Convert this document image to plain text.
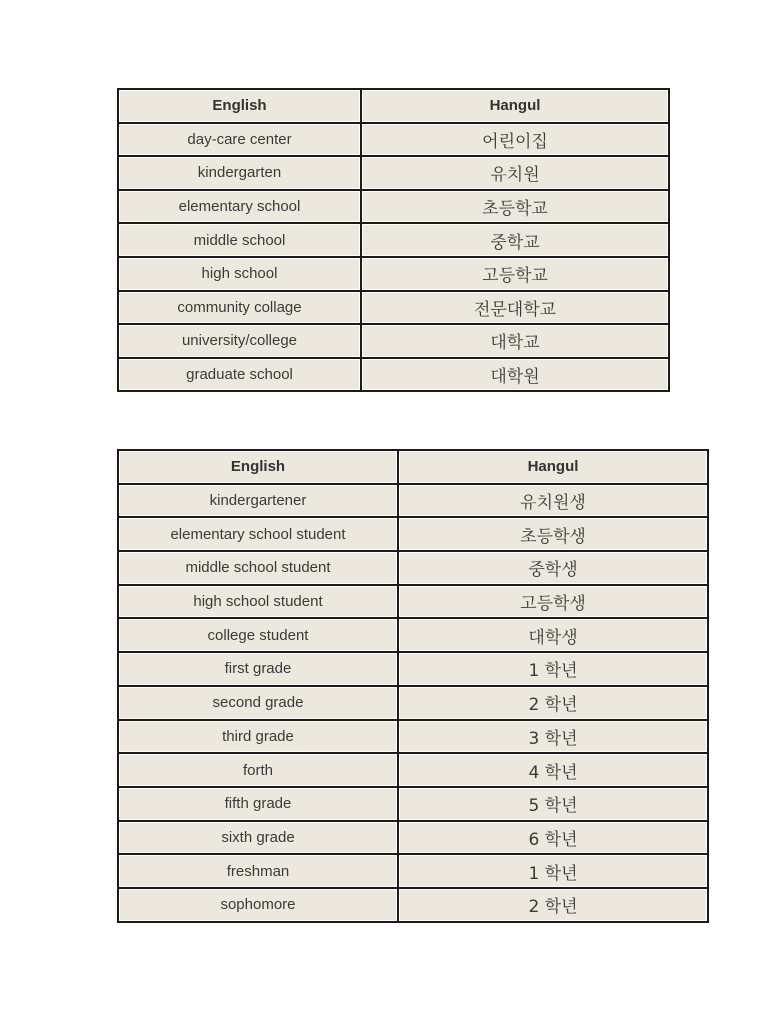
English	Hangul
day-care center	어린이집
kindergarten	유치원
elementary school	초등학교
middle school	중학교
high school	고등학교
community collage	전문대학교
university/college	대학교
graduate school	대학원
English	Hangul
kindergartener	유치원생
elementary school student	초등학생
middle school student	중학생
high school student	고등학생
college student	대학생
first grade	1 학년
second grade	2 학년
third grade	3 학년
forth	4 학년
fifth grade	5 학년
sixth grade	6 학년
freshman	1 학년
sophomore	2 학년
